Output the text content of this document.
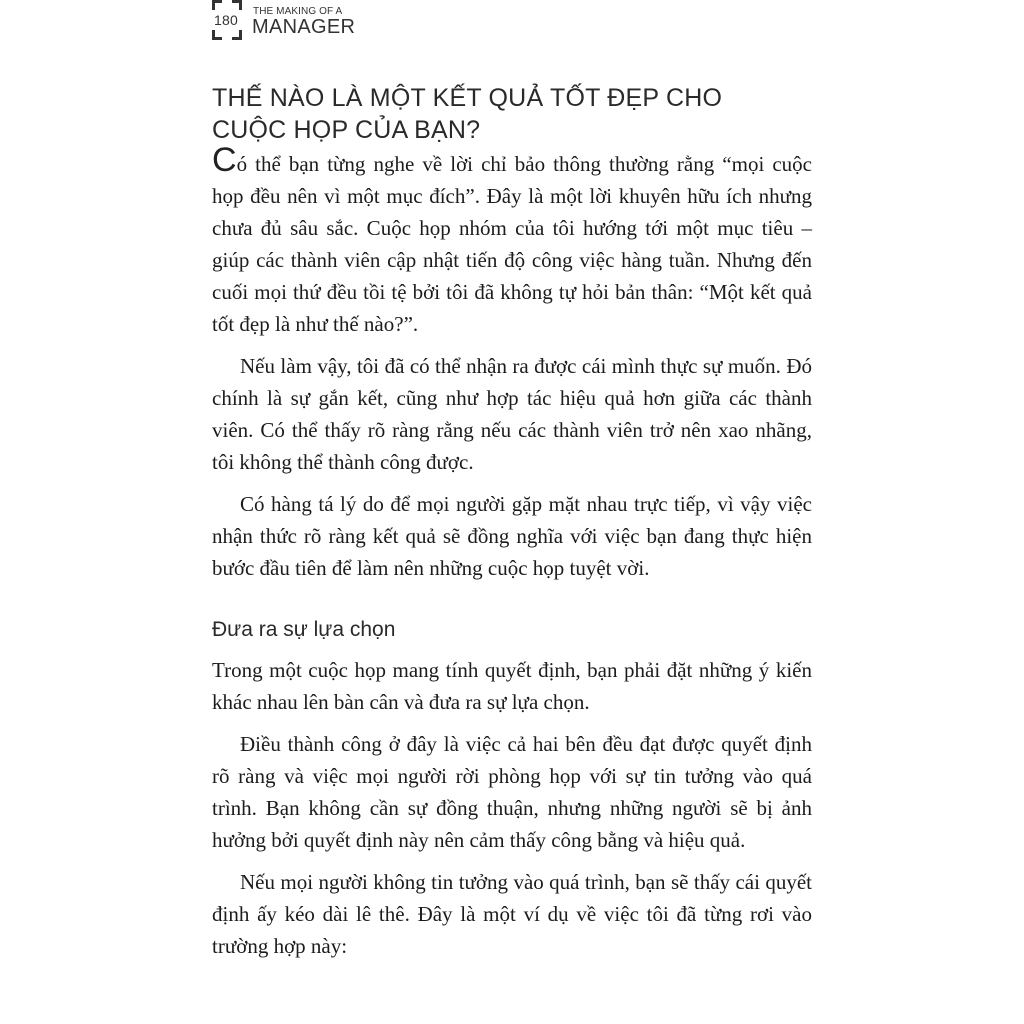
180
THE MAKING OF A
MANAGER
THẾ NÀO LÀ MỘT KẾT QUẢ TỐT ĐẸP CHO CUỘC HỌP CỦA BẠN?

Có thể bạn từng nghe về lời chỉ bảo thông thường rằng “mọi cuộc họp đều nên vì một mục đích”. Đây là một lời khuyên hữu ích nhưng chưa đủ sâu sắc. Cuộc họp nhóm của tôi hướng tới một mục tiêu – giúp các thành viên cập nhật tiến độ công việc hàng tuần. Nhưng đến cuối mọi thứ đều tồi tệ bởi tôi đã không tự hỏi bản thân: “Một kết quả tốt đẹp là như thế nào?”.

Nếu làm vậy, tôi đã có thể nhận ra được cái mình thực sự muốn. Đó chính là sự gắn kết, cũng như hợp tác hiệu quả hơn giữa các thành viên. Có thể thấy rõ ràng rằng nếu các thành viên trở nên xao nhãng, tôi không thể thành công được.

Có hàng tá lý do để mọi người gặp mặt nhau trực tiếp, vì vậy việc nhận thức rõ ràng kết quả sẽ đồng nghĩa với việc bạn đang thực hiện bước đầu tiên để làm nên những cuộc họp tuyệt vời.

Đưa ra sự lựa chọn

Trong một cuộc họp mang tính quyết định, bạn phải đặt những ý kiến khác nhau lên bàn cân và đưa ra sự lựa chọn.

Điều thành công ở đây là việc cả hai bên đều đạt được quyết định rõ ràng và việc mọi người rời phòng họp với sự tin tưởng vào quá trình. Bạn không cần sự đồng thuận, nhưng những người sẽ bị ảnh hưởng bởi quyết định này nên cảm thấy công bằng và hiệu quả.

Nếu mọi người không tin tưởng vào quá trình, bạn sẽ thấy cái quyết định ấy kéo dài lê thê. Đây là một ví dụ về việc tôi đã từng rơi vào trường hợp này:
